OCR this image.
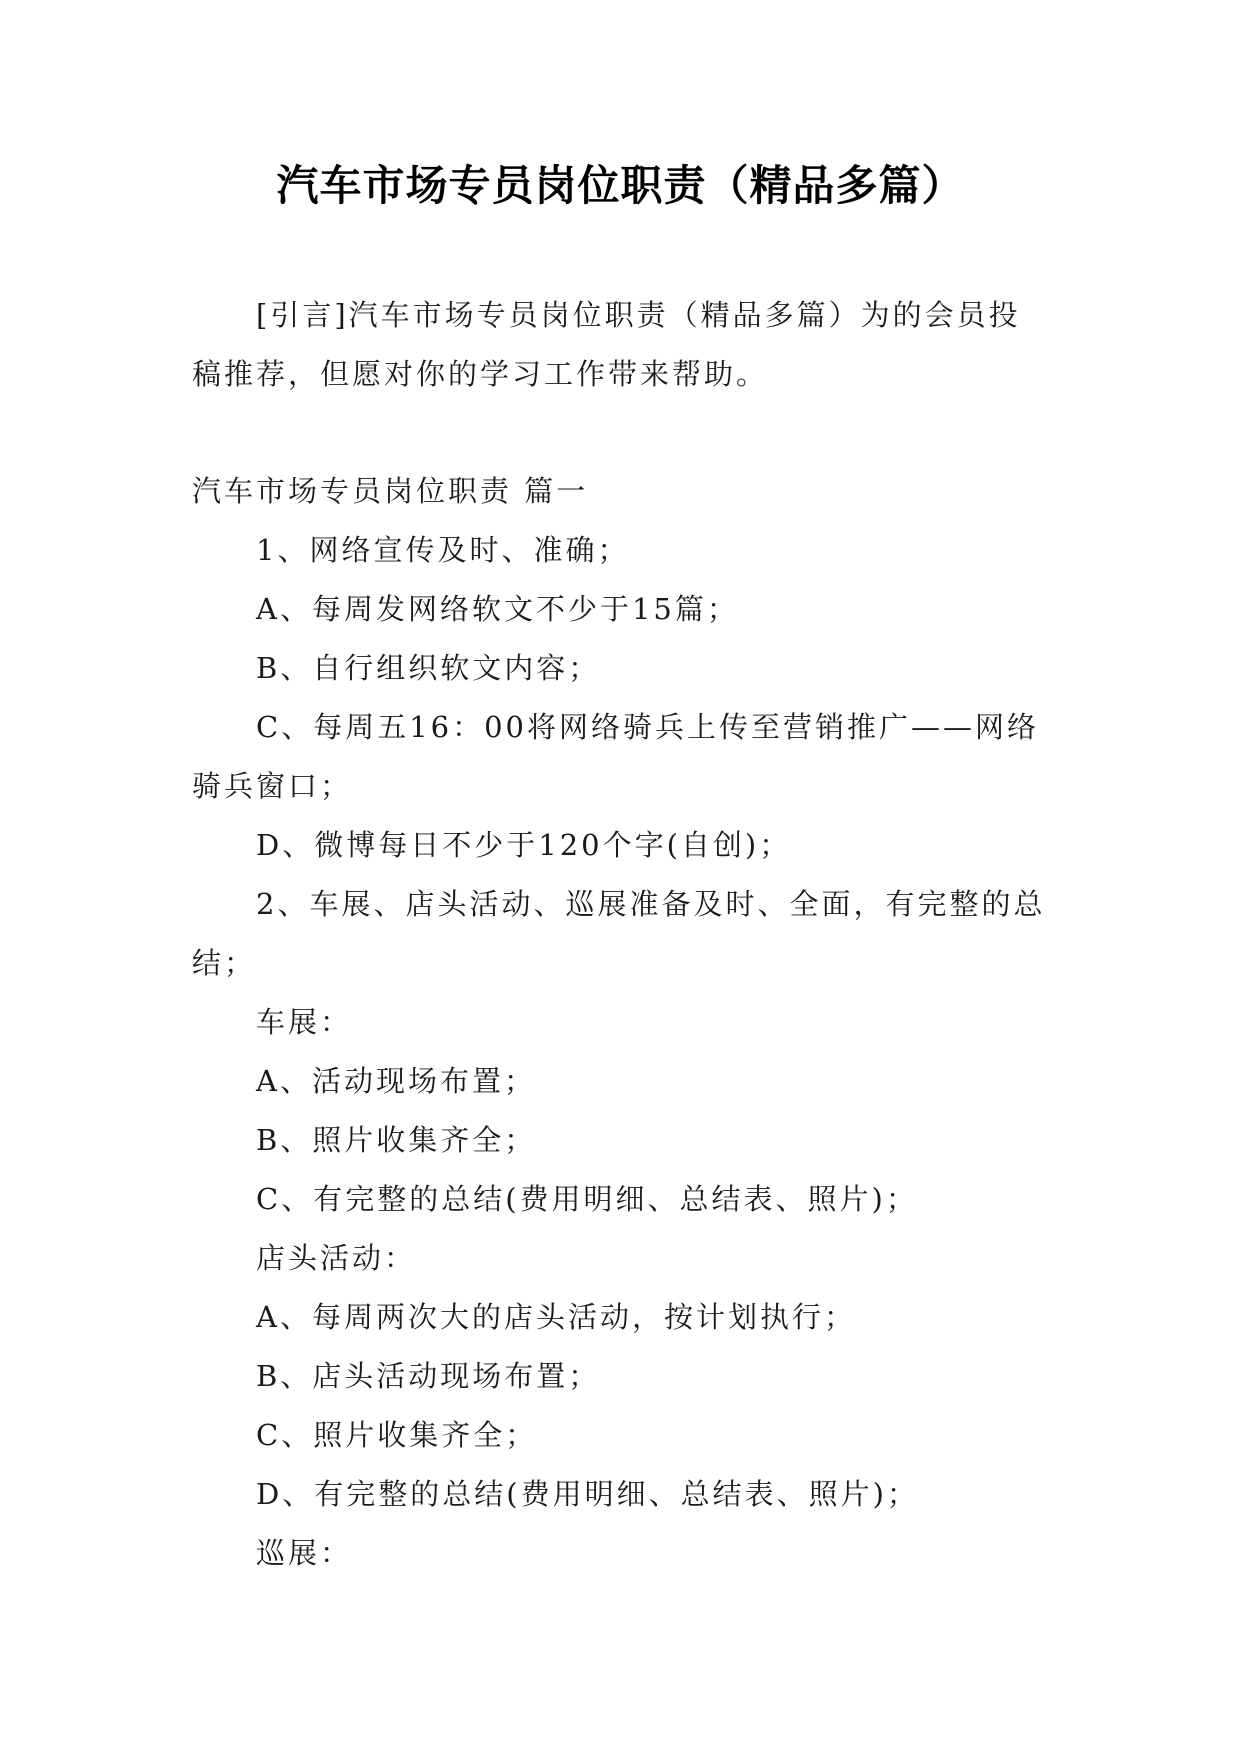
汽车市场专员岗位职责（精品多篇）

[引言]汽车市场专员岗位职责（精品多篇）为的会员投稿推荐，但愿对你的学习工作带来帮助。

汽车市场专员岗位职责 篇一

1、网络宣传及时、准确；

A、每周发网络软文不少于15篇；

B、自行组织软文内容；

C、每周五16：00将网络骑兵上传至营销推广——网络骑兵窗口；

D、微博每日不少于120个字(自创)；

2、车展、店头活动、巡展准备及时、全面，有完整的总结；

车展：

A、活动现场布置；

B、照片收集齐全；

C、有完整的总结(费用明细、总结表、照片)；

店头活动：

A、每周两次大的店头活动，按计划执行；

B、店头活动现场布置；

C、照片收集齐全；

D、有完整的总结(费用明细、总结表、照片)；

巡展：
